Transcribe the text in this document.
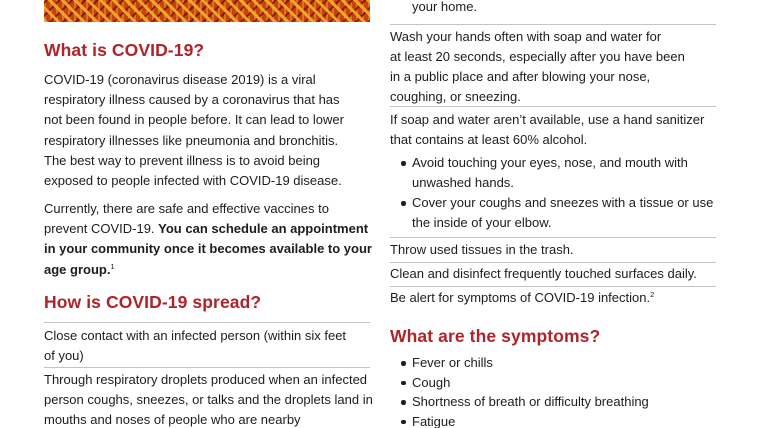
What is COVID-19?
COVID-19 (coronavirus disease 2019) is a viral
respiratory illness caused by a coronavirus that has
not been found in people before. It can lead to lower
respiratory illnesses like pneumonia and bronchitis.
The best way to prevent illness is to avoid being
exposed to people infected with COVID-19 disease.
Currently, there are safe and effective vaccines to
prevent COVID-19. You can schedule an appointment
in your community once it becomes available to your
age group.$^1$
How is COVID-19 spread?
Close contact with an infected person (within six feet
of you)
Through respiratory droplets produced when an infected
person coughs, sneezes, or talks and the droplets land in
mouths and noses of people who are nearby
your home.
Wash your hands often with soap and water for
at least 20 seconds, especially after you have been
in a public place and after blowing your nose,
coughing, or sneezing.
If soap and water aren’t available, use a hand sanitizer
that contains at least 60% alcohol.
Avoid touching your eyes, nose, and mouth with
unwashed hands.
Cover your coughs and sneezes with a tissue or use
the inside of your elbow.
Throw used tissues in the trash.
Clean and disinfect frequently touched surfaces daily.
Be alert for symptoms of COVID-19 infection.$^2$
What are the symptoms?
Fever or chills
Cough
Shortness of breath or difficulty breathing
Fatigue
